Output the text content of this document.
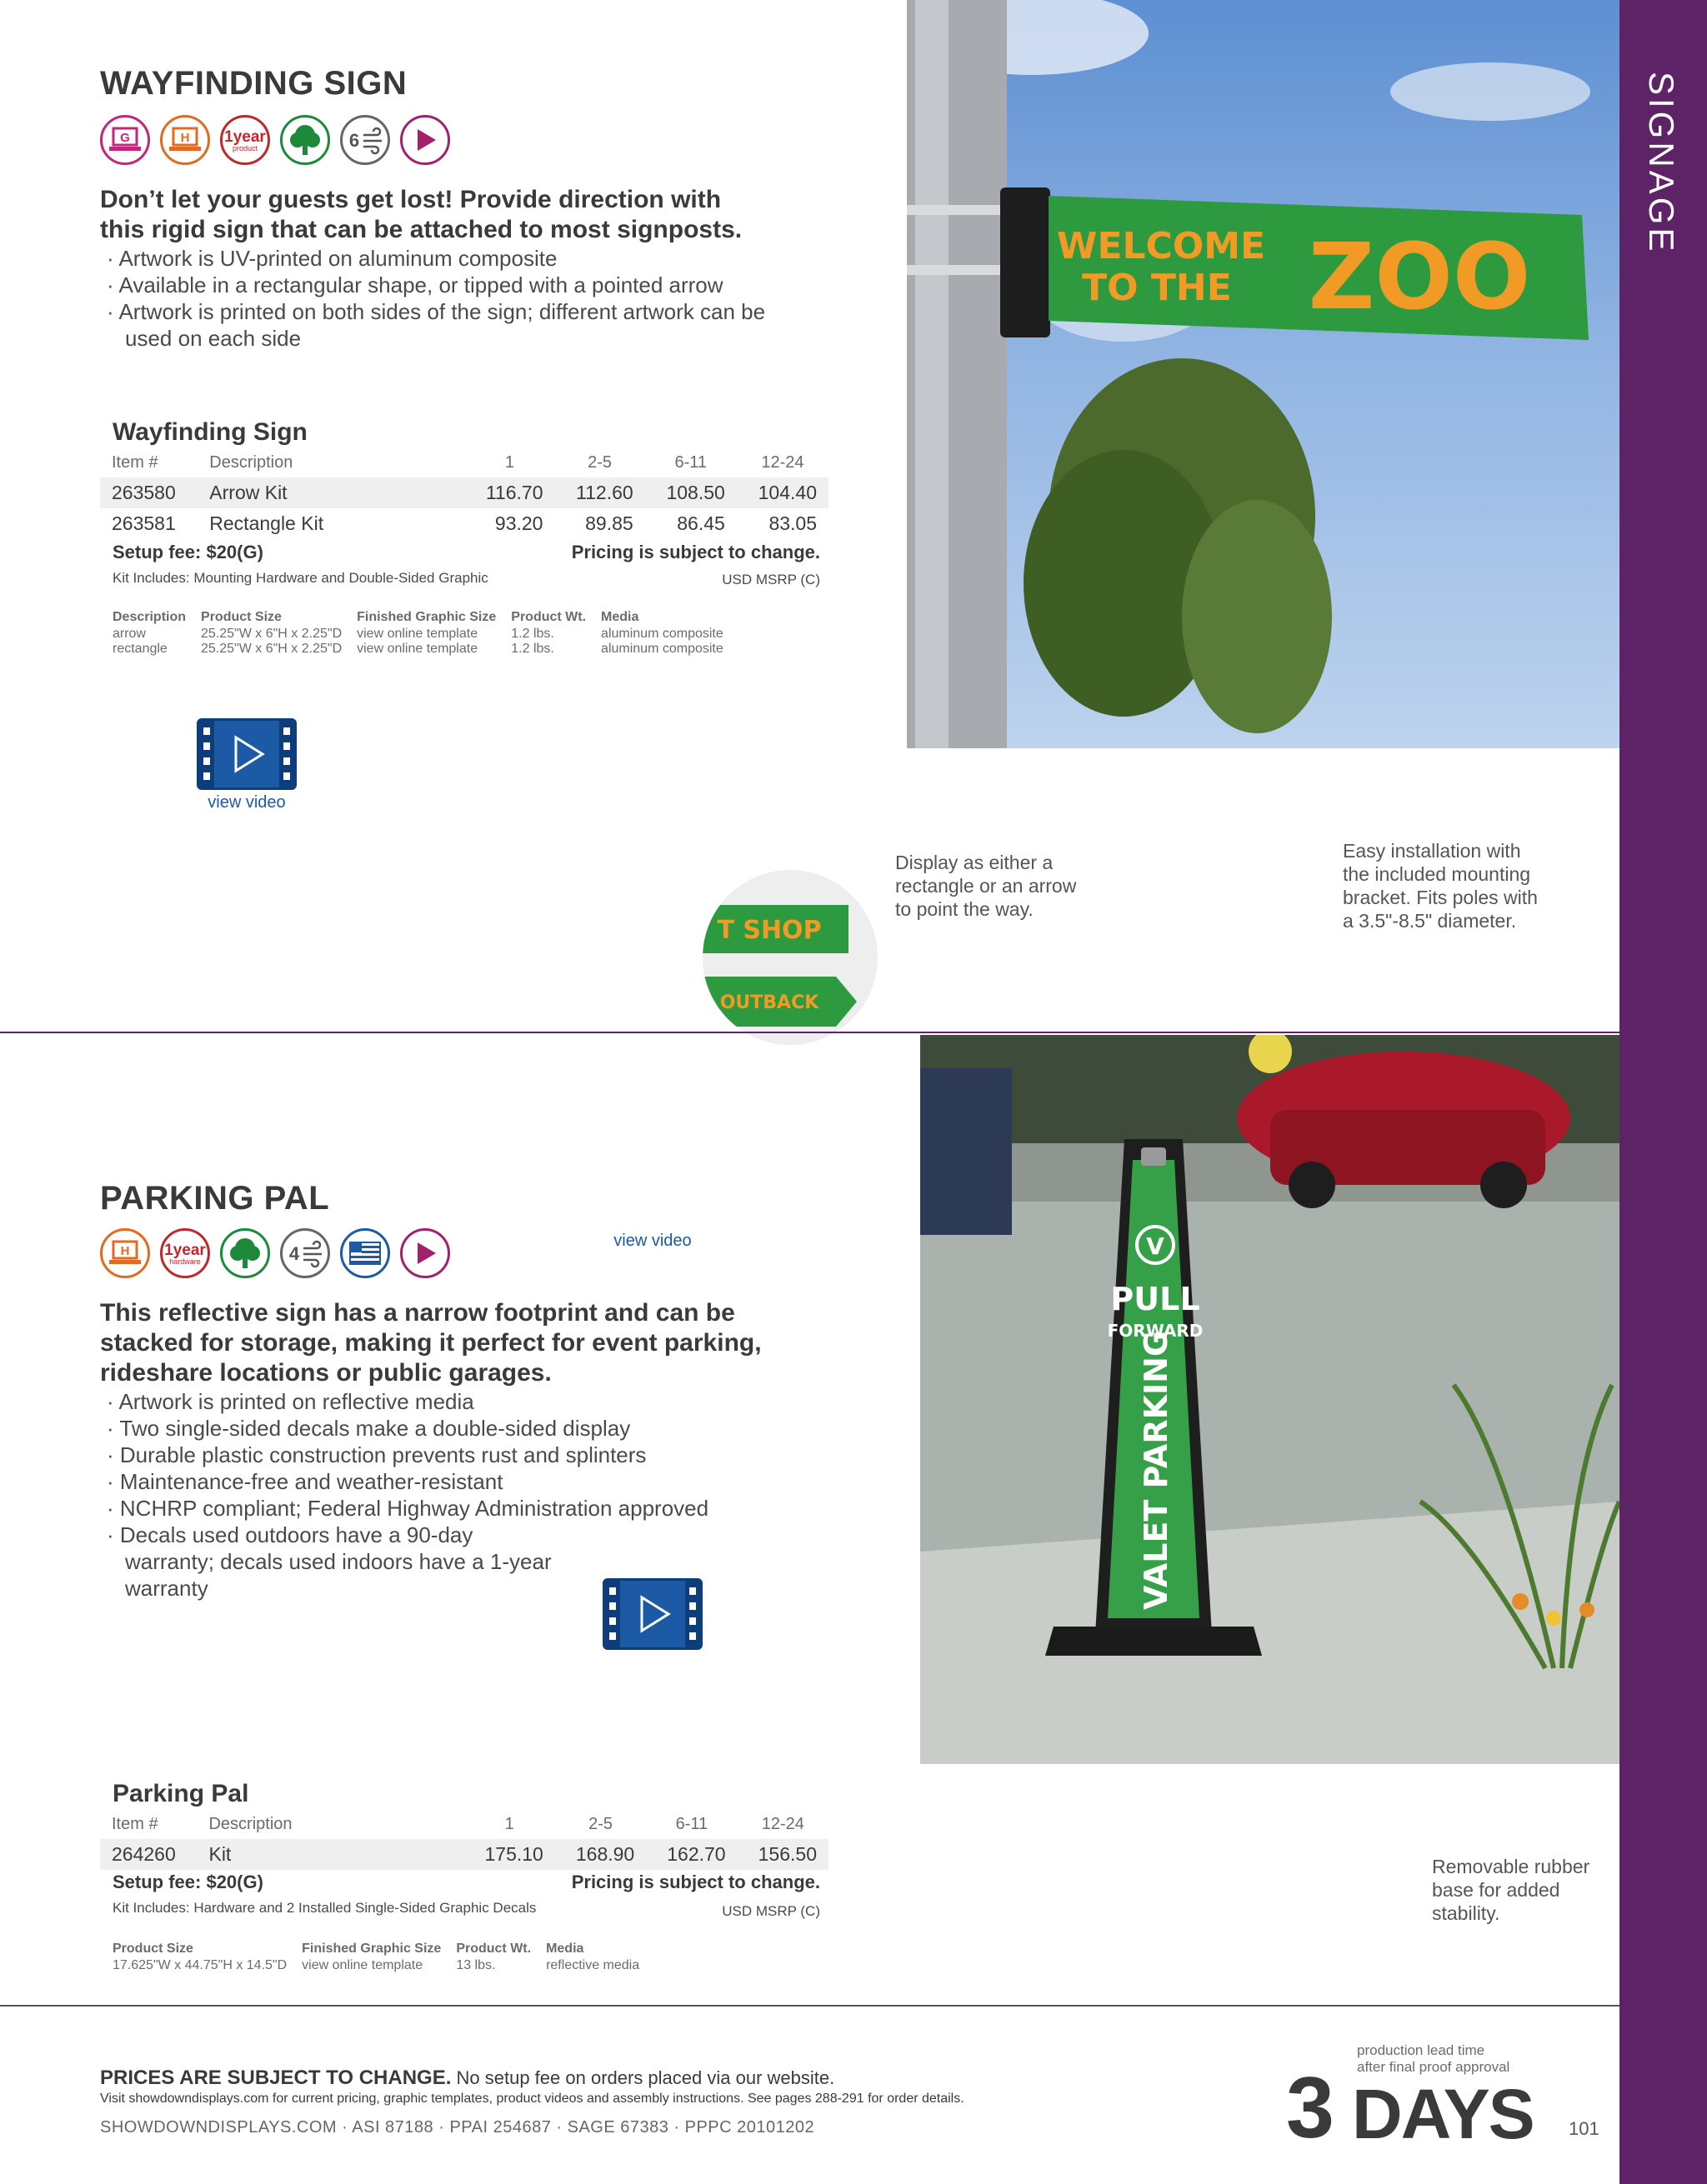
SIGNAGE
WAYFINDING SIGN
G	H 1year
product	6
Don’t let your guests get lost! Provide direction with this rigid sign that can be attached to most signposts.
· Artwork is UV-printed on aluminum composite
· Available in a rectangular shape, or tipped with a pointed arrow
· Artwork is printed on both sides of the sign; different artwork can be used on each side
Wayfinding Sign
Item #	Description	1	2-5	6-11	12-24
263580	Arrow Kit	116.70	112.60	108.50	104.40
263581	Rectangle Kit	93.20	89.85	86.45	83.05
Setup fee: $20(G)	Pricing is subject to change.
Kit Includes: Mounting Hardware and Double-Sided Graphic	USD MSRP (C)
Description	Product Size	Finished Graphic Size	Product Wt.	Media
arrow	25.25"W x 6"H x 2.25"D	view online template	1.2 lbs.	aluminum composite
rectangle	25.25"W x 6"H x 2.25"D	view online template	1.2 lbs.	aluminum composite
view video
WELCOME
TO THE ZOO
T SHOP
OUTBACK
Display as either a rectangle or an arrow to point the way.
Easy installation with the included mounting bracket. Fits poles with a 3.5"-8.5" diameter.
PARKING PAL
view video
H 1year
hardware	4
This reflective sign has a narrow footprint and can be stacked for storage, making it perfect for event parking, rideshare locations or public garages.
· Artwork is printed on reflective media
· Two single-sided decals make a double-sided display
· Durable plastic construction prevents rust and splinters
· Maintenance-free and weather-resistant
· NCHRP compliant; Federal Highway Administration approved
· Decals used outdoors have a 90-day warranty; decals used indoors have a 1-year warranty
V
PULL
FORWARD
VALET PARKING
Parking Pal
Item #	Description	1	2-5	6-11	12-24
264260	Kit	175.10	168.90	162.70	156.50
Setup fee: $20(G)	Pricing is subject to change.
Kit Includes: Hardware and 2 Installed Single-Sided Graphic Decals	USD MSRP (C)
Product Size	Finished Graphic Size	Product Wt.	Media
17.625"W x 44.75"H x 14.5"D	view online template	13 lbs.	reflective media
Removable rubber base for added stability.
PRICES ARE SUBJECT TO CHANGE. No setup fee on orders placed via our website.
Visit showdowndisplays.com for current pricing, graphic templates, product videos and assembly instructions. See pages 288-291 for order details.
SHOWDOWNDISPLAYS.COM · ASI 87188 · PPAI 254687 · SAGE 67383 · PPPC 20101202
production lead time
after final proof approval
3 DAYS 101
